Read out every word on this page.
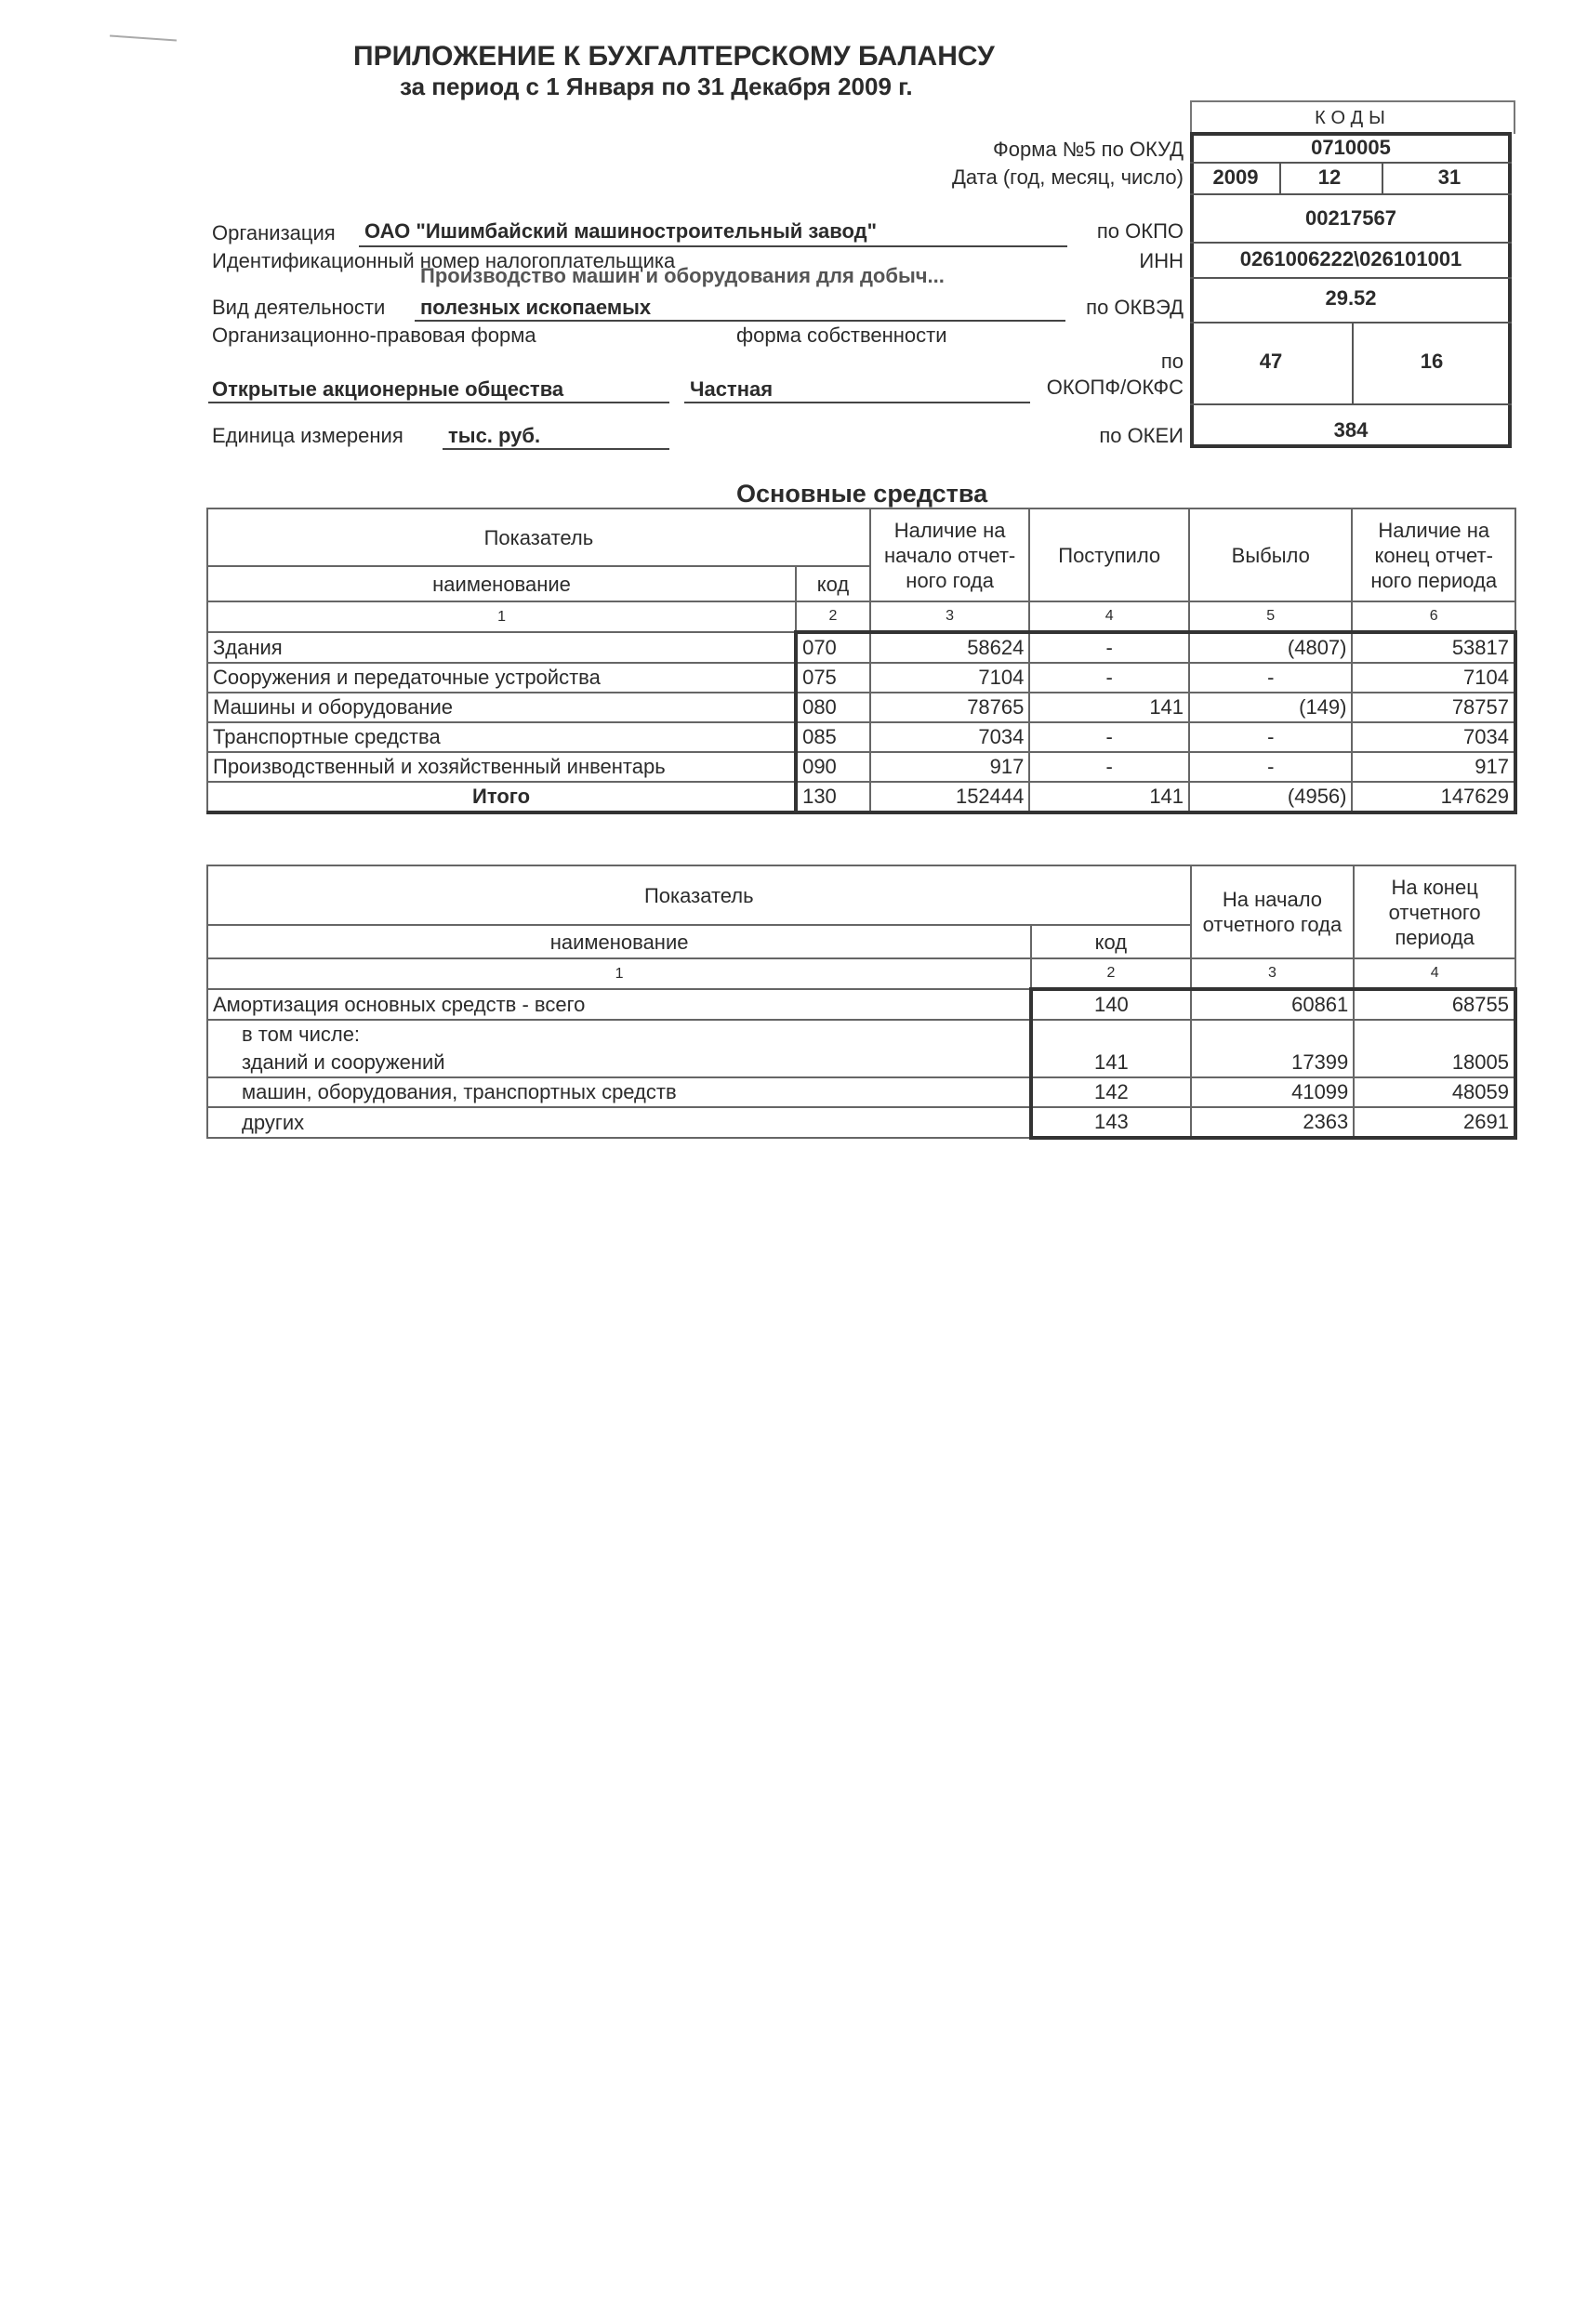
ПРИЛОЖЕНИЕ К БУХГАЛТЕРСКОМУ БАЛАНСУ
за период с 1 Января по 31 Декабря 2009 г.
Форма №5 по ОКУД
Дата (год, месяц, число)
Организация ОАО "Ишимбайский машиностроительный завод"	по ОКПО
Идентификационный номер налогоплательщика	ИНН
Производство машин и оборудования для добыч...
Вид деятельности полезных ископаемых	по ОКВЭД
Организационно-правовая форма	форма собственности
по
Открытые акционерные общества	Частная	ОКОПФ/ОКФС
Единица измерения тыс. руб.	по ОКЕИ
КОДЫ
0710005
2009	12	31
00217567
0261006222\026101001
29.52
47	16
384
Основные средства
Показатель		Наличие на начало отчет-ного года	Поступило	Выбыло	Наличие на конец отчет-ного периода
наименование	код				
1	2	3	4	5	6
Здания	070	58624	-	(4807)	53817
Сооружения и передаточные устройства	075	7104	-	-	7104
Машины и оборудование	080	78765	141	(149)	78757
Транспортные средства	085	7034	-	-	7034
Производственный и хозяйственный инвентарь	090	917	-	-	917
Итого	130	152444	141	(4956)	147629
Показатель		На начало отчетного года	На конец отчетного периода
наименование	код		
1	2	3	4
Амортизация основных средств - всего	140	60861	68755
в том числе:			
зданий и сооружений	141	17399	18005
машин, оборудования, транспортных средств	142	41099	48059
других	143	2363	2691
